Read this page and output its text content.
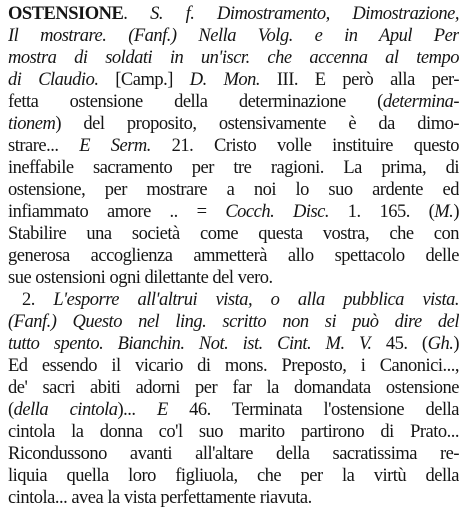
OSTENSIONE. S. f. Dimostramento, Dimostrazione,
Il mostrare. (Fanf.) Nella Volg. e in Apul Per
mostra di soldati in un'iscr. che accenna al tempo
di Claudio. [Camp.] D. Mon. III. E però alla per-
fetta ostensione della determinazione (determina-
tionem) del proposito, ostensivamente è da dimo-
strare... E Serm. 21. Cristo volle instituire questo
ineffabile sacramento per tre ragioni. La prima, di
ostensione, per mostrare a noi lo suo ardente ed
infiammato amore .. = Cocch. Disc. 1. 165. (M.)
Stabilire una società come questa vostra, che con
generosa accoglienza ammetterà allo spettacolo delle
sue ostensioni ogni dilettante del vero.
2. L'esporre all'altrui vista, o alla pubblica vista.
(Fanf.) Questo nel ling. scritto non si può dire del
tutto spento. Bianchin. Not. ist. Cint. M. V. 45. (Gh.)
Ed essendo il vicario di mons. Preposto, i Canonici...,
de' sacri abiti adorni per far la domandata ostensione
(della cintola)... E 46. Terminata l'ostensione della
cintola la donna co'l suo marito partirono di Prato...
Ricondussono avanti all'altare della sacratissima re-
liquia quella loro figliuola, che per la virtù della
cintola... avea la vista perfettamente riavuta.
